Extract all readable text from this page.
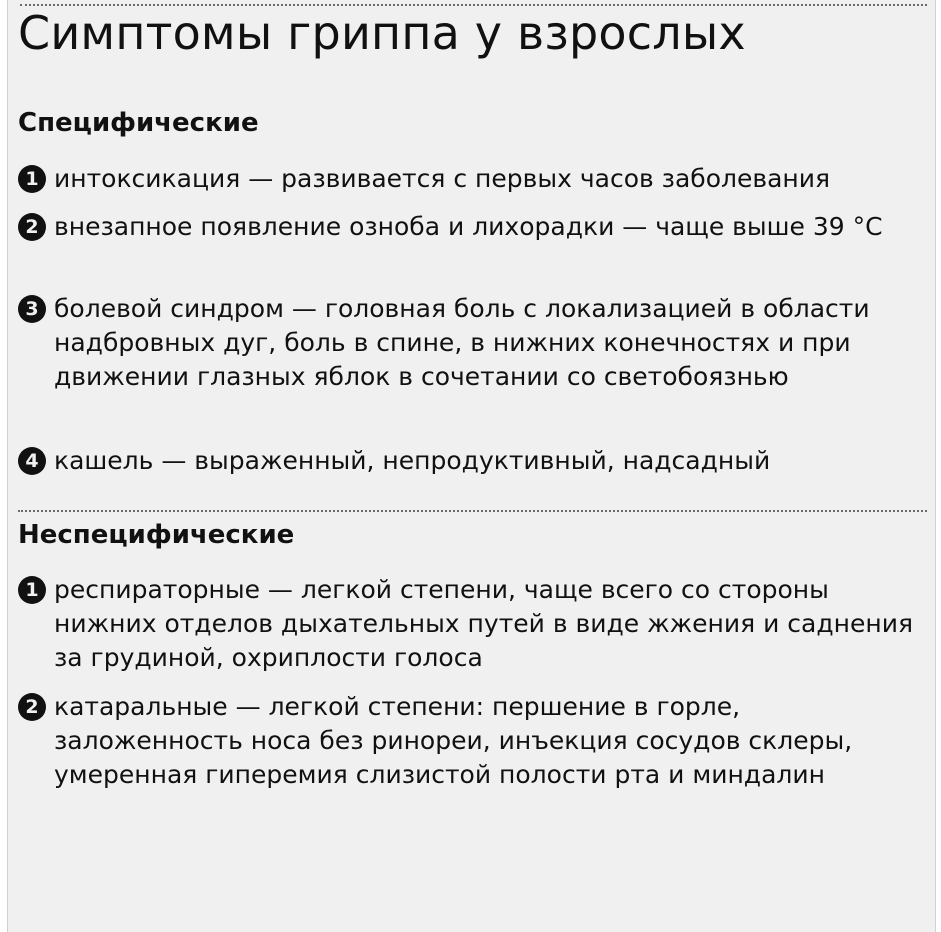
Симптомы гриппа у взрослых
Специфические
1 интоксикация — развивается с первых часов заболевания
2 внезапное появление озноба и лихорадки — чаще выше 39 °C
3 болевой синдром — головная боль с локализацией в области надбровных дуг, боль в спине, в нижних конечностях и при движении глазных яблок в сочетании со светобоязнью
4 кашель — выраженный, непродуктивный, надсадный
Неспецифические
1 респираторные — легкой степени, чаще всего со стороны нижних отделов дыхательных путей в виде жжения и саднения за грудиной, охриплости голоса
2 катаральные — легкой степени: першение в горле, заложенность носа без ринореи, инъекция сосудов склеры, умеренная гиперемия слизистой полости рта и миндалин
